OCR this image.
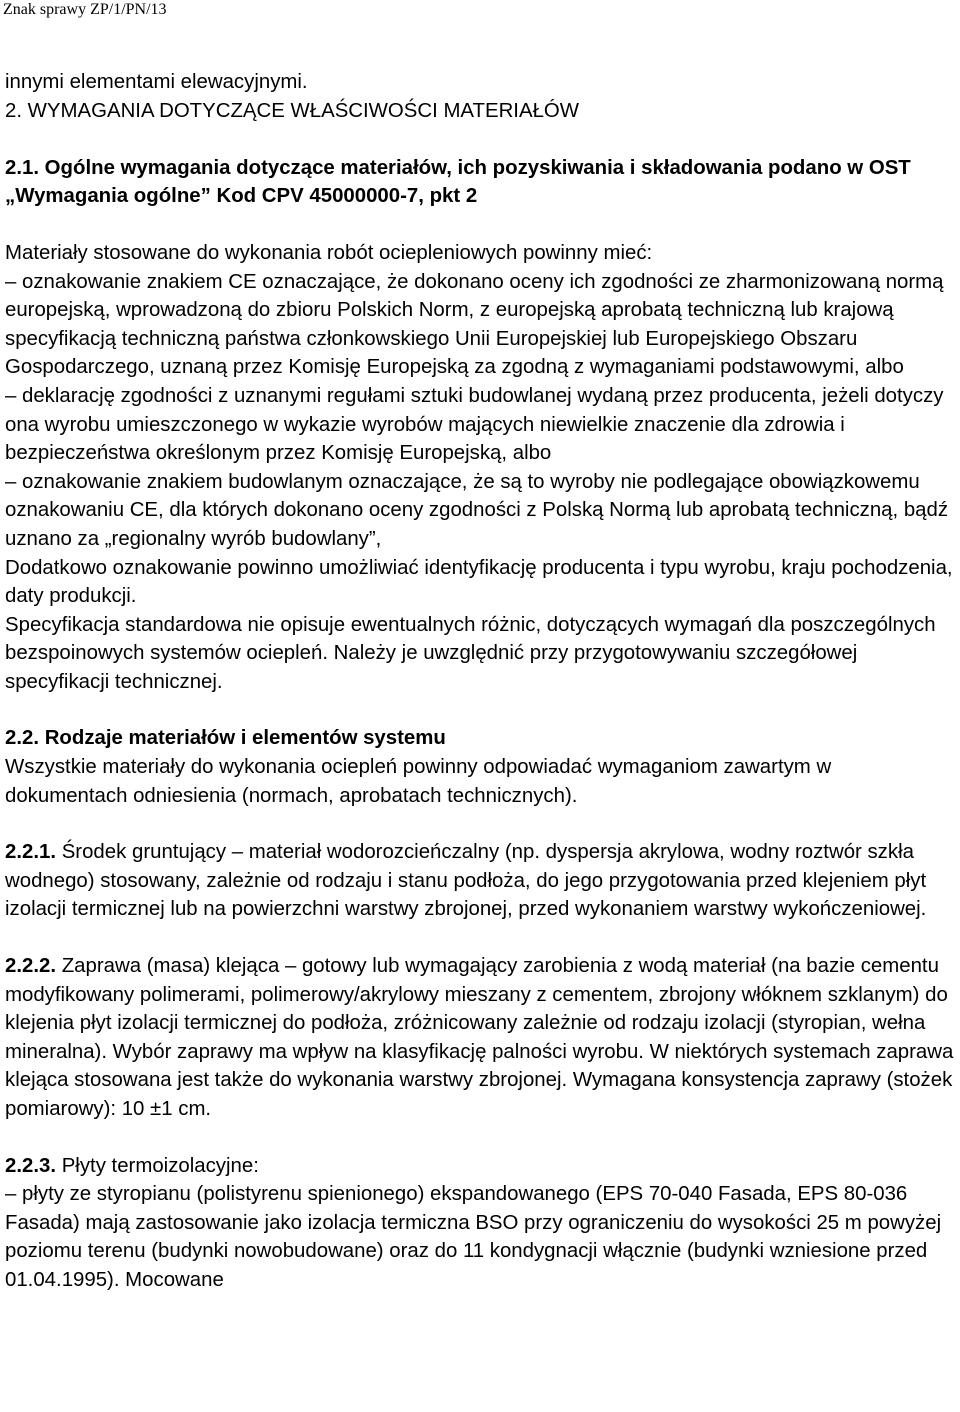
Znak sprawy ZP/1/PN/13

innymi elementami elewacyjnymi.

2. WYMAGANIA DOTYCZĄCE WŁAŚCIWOŚCI MATERIAŁÓW

2.1. Ogólne wymagania dotyczące materiałów, ich pozyskiwania i składowania podano w OST „Wymagania ogólne” Kod CPV 45000000-7, pkt 2

Materiały stosowane do wykonania robót ociepleniowych powinny mieć:

– oznakowanie znakiem CE oznaczające, że dokonano oceny ich zgodności ze zharmonizowaną normą europejską, wprowadzoną do zbioru Polskich Norm, z europejską aprobatą techniczną lub krajową specyfikacją techniczną państwa członkowskiego Unii Europejskiej lub Europejskiego Obszaru Gospodarczego, uznaną przez Komisję Europejską za zgodną z wymaganiami podstawowymi, albo

– deklarację zgodności z uznanymi regułami sztuki budowlanej wydaną przez producenta, jeżeli dotyczy ona wyrobu umieszczonego w wykazie wyrobów mających niewielkie znaczenie dla zdrowia i bezpieczeństwa określonym przez Komisję Europejską, albo

– oznakowanie znakiem budowlanym oznaczające, że są to wyroby nie podlegające obowiązkowemu oznakowaniu CE, dla których dokonano oceny zgodności z Polską Normą lub aprobatą techniczną, bądź uznano za „regionalny wyrób budowlany”,

Dodatkowo oznakowanie powinno umożliwiać identyfikację producenta i typu wyrobu, kraju pochodzenia, daty produkcji.

Specyfikacja standardowa nie opisuje ewentualnych różnic, dotyczących wymagań dla poszczególnych bezspoinowych systemów ociepleń. Należy je uwzględnić przy przygotowywaniu szczegółowej specyfikacji technicznej.

2.2. Rodzaje materiałów i elementów systemu

Wszystkie materiały do wykonania ociepleń powinny odpowiadać wymaganiom zawartym w dokumentach odniesienia (normach, aprobatach technicznych).

2.2.1. Środek gruntujący – materiał wodorozcieńczalny (np. dyspersja akrylowa, wodny roztwór szkła wodnego) stosowany, zależnie od rodzaju i stanu podłoża, do jego przygotowania przed klejeniem płyt izolacji termicznej lub na powierzchni warstwy zbrojonej, przed wykonaniem warstwy wykończeniowej.

2.2.2. Zaprawa (masa) klejąca – gotowy lub wymagający zarobienia z wodą materiał (na bazie cementu modyfikowany polimerami, polimerowy/akrylowy mieszany z cementem, zbrojony włóknem szklanym) do klejenia płyt izolacji termicznej do podłoża, zróżnicowany zależnie od rodzaju izolacji (styropian, wełna mineralna). Wybór zaprawy ma wpływ na klasyfikację palności wyrobu. W niektórych systemach zaprawa klejąca stosowana jest także do wykonania warstwy zbrojonej. Wymagana konsystencja zaprawy (stożek pomiarowy): 10 ±1 cm.

2.2.3. Płyty termoizolacyjne:

– płyty ze styropianu (polistyrenu spienionego) ekspandowanego (EPS 70-040 Fasada, EPS 80-036 Fasada) mają zastosowanie jako izolacja termiczna BSO przy ograniczeniu do wysokości 25 m powyżej poziomu terenu (budynki nowobudowane) oraz do 11 kondygnacji włącznie (budynki wzniesione przed 01.04.1995). Mocowane
